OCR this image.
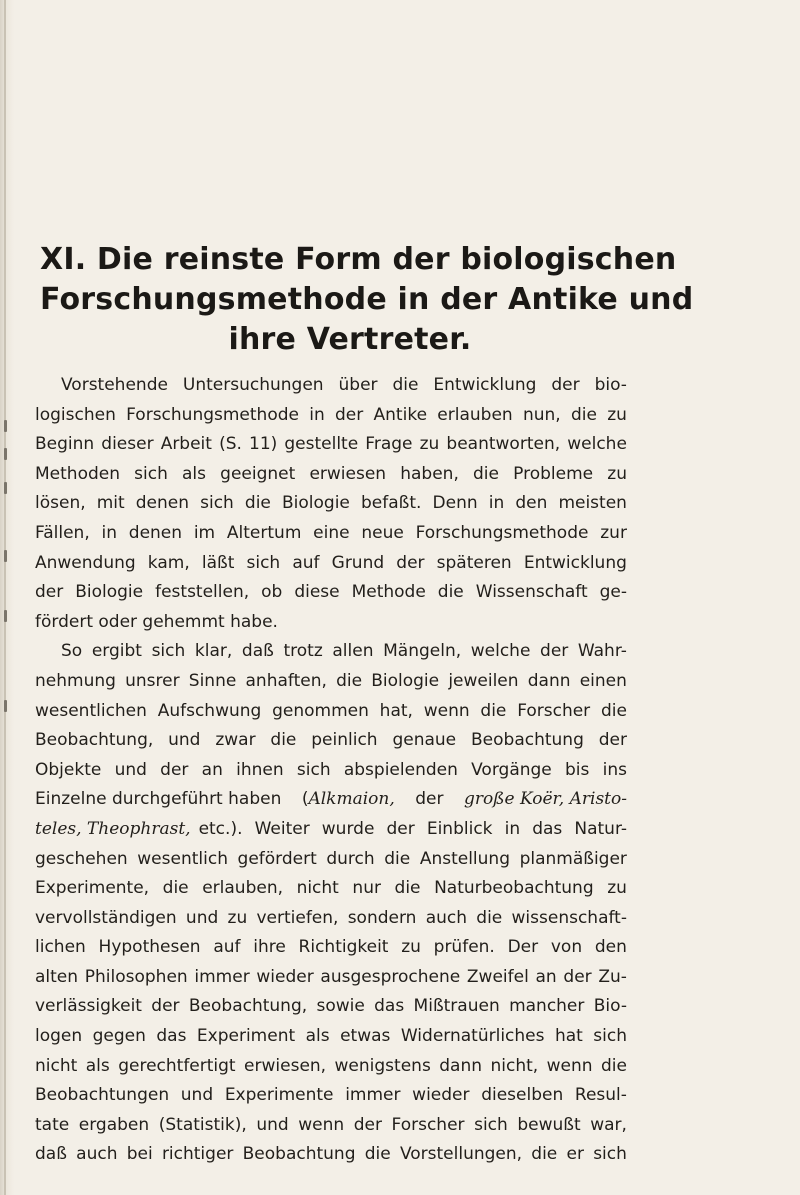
XI. Die reinste Form der biologischen
Forschungsmethode in der Antike und
ihre Vertreter.
Vorstehende Untersuchungen über die Entwicklung der bio-
logischen Forschungsmethode in der Antike erlauben nun, die zu
Beginn dieser Arbeit (S. 11) gestellte Frage zu beantworten, welche
Methoden sich als geeignet erwiesen haben, die Probleme zu
lösen, mit denen sich die Biologie befaßt. Denn in den meisten
Fällen, in denen im Altertum eine neue Forschungsmethode zur
Anwendung kam, läßt sich auf Grund der späteren Entwicklung
der Biologie feststellen, ob diese Methode die Wissenschaft ge-
fördert oder gehemmt habe.
So ergibt sich klar, daß trotz allen Mängeln, welche der Wahr-
nehmung unsrer Sinne anhaften, die Biologie jeweilen dann einen
wesentlichen Aufschwung genommen hat, wenn die Forscher die
Beobachtung, und zwar die peinlich genaue Beobachtung der
Objekte und der an ihnen sich abspielenden Vorgänge bis ins
Einzelne durchgeführt haben (Alkmaion, der große Koër, Aristo-
teles, Theophrast, etc.). Weiter wurde der Einblick in das Natur-
geschehen wesentlich gefördert durch die Anstellung planmäßiger
Experimente, die erlauben, nicht nur die Naturbeobachtung zu
vervollständigen und zu vertiefen, sondern auch die wissenschaft-
lichen Hypothesen auf ihre Richtigkeit zu prüfen. Der von den
alten Philosophen immer wieder ausgesprochene Zweifel an der Zu-
verlässigkeit der Beobachtung, sowie das Mißtrauen mancher Bio-
logen gegen das Experiment als etwas Widernatürliches hat sich
nicht als gerechtfertigt erwiesen, wenigstens dann nicht, wenn die
Beobachtungen und Experimente immer wieder dieselben Resul-
tate ergaben (Statistik), und wenn der Forscher sich bewußt war,
daß auch bei richtiger Beobachtung die Vorstellungen, die er sich
